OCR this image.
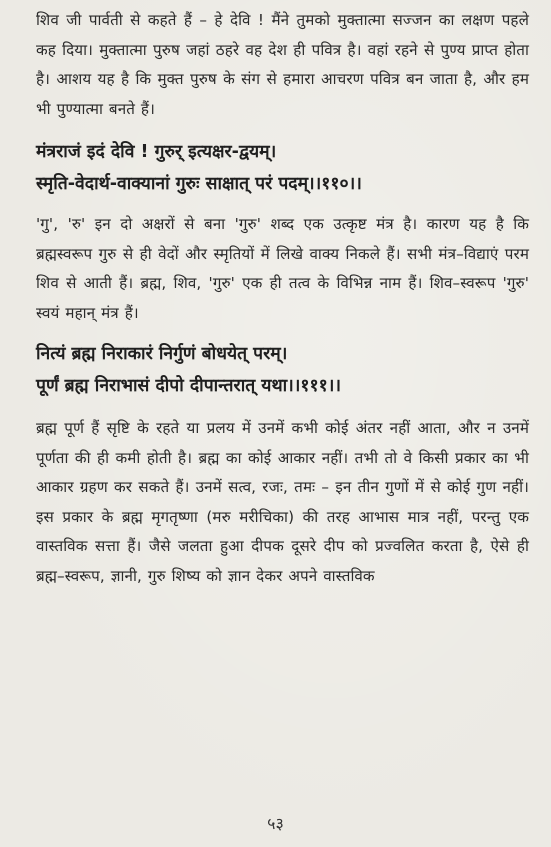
शिव जी पार्वती से कहते हैं – हे देवि ! मैंने तुमको मुक्तात्मा सज्जन का लक्षण पहले कह दिया। मुक्तात्मा पुरुष जहां ठहरे वह देश ही पवित्र है। वहां रहने से पुण्य प्राप्त होता है। आशय यह है कि मुक्त पुरुष के संग से हमारा आचरण पवित्र बन जाता है, और हम भी पुण्यात्मा बनते हैं।

मंत्रराजं इदं देवि ! गुरुर् इत्यक्षर-द्वयम्।
स्मृति-वेदार्थ-वाक्यानां गुरुः साक्षात् परं पदम्।।११०।।

'गु', 'रु' इन दो अक्षरों से बना 'गुरु' शब्द एक उत्कृष्ट मंत्र है। कारण यह है कि ब्रह्मस्वरूप गुरु से ही वेदों और स्मृतियों में लिखे वाक्य निकले हैं। सभी मंत्र–विद्याएं परम शिव से आती हैं। ब्रह्म, शिव, 'गुरु' एक ही तत्व के विभिन्न नाम हैं। शिव–स्वरूप 'गुरु' स्वयं महान् मंत्र हैं।

नित्यं ब्रह्म निराकारं निर्गुणं बोधयेत् परम्।
पूर्णं ब्रह्म निराभासं दीपो दीपान्तरात् यथा।।१११।।

ब्रह्म पूर्ण हैं सृष्टि के रहते या प्रलय में उनमें कभी कोई अंतर नहीं आता, और न उनमें पूर्णता की ही कमी होती है। ब्रह्म का कोई आकार नहीं। तभी तो वे किसी प्रकार का भी आकार ग्रहण कर सकते हैं। उनमें सत्व, रजः, तमः – इन तीन गुणों में से कोई गुण नहीं। इस प्रकार के ब्रह्म मृगतृष्णा (मरु मरीचिका) की तरह आभास मात्र नहीं, परन्तु एक वास्तविक सत्ता हैं। जैसे जलता हुआ दीपक दूसरे दीप को प्रज्वलित करता है, ऐसे ही ब्रह्म–स्वरूप, ज्ञानी, गुरु शिष्य को ज्ञान देकर अपने वास्तविक

५३
